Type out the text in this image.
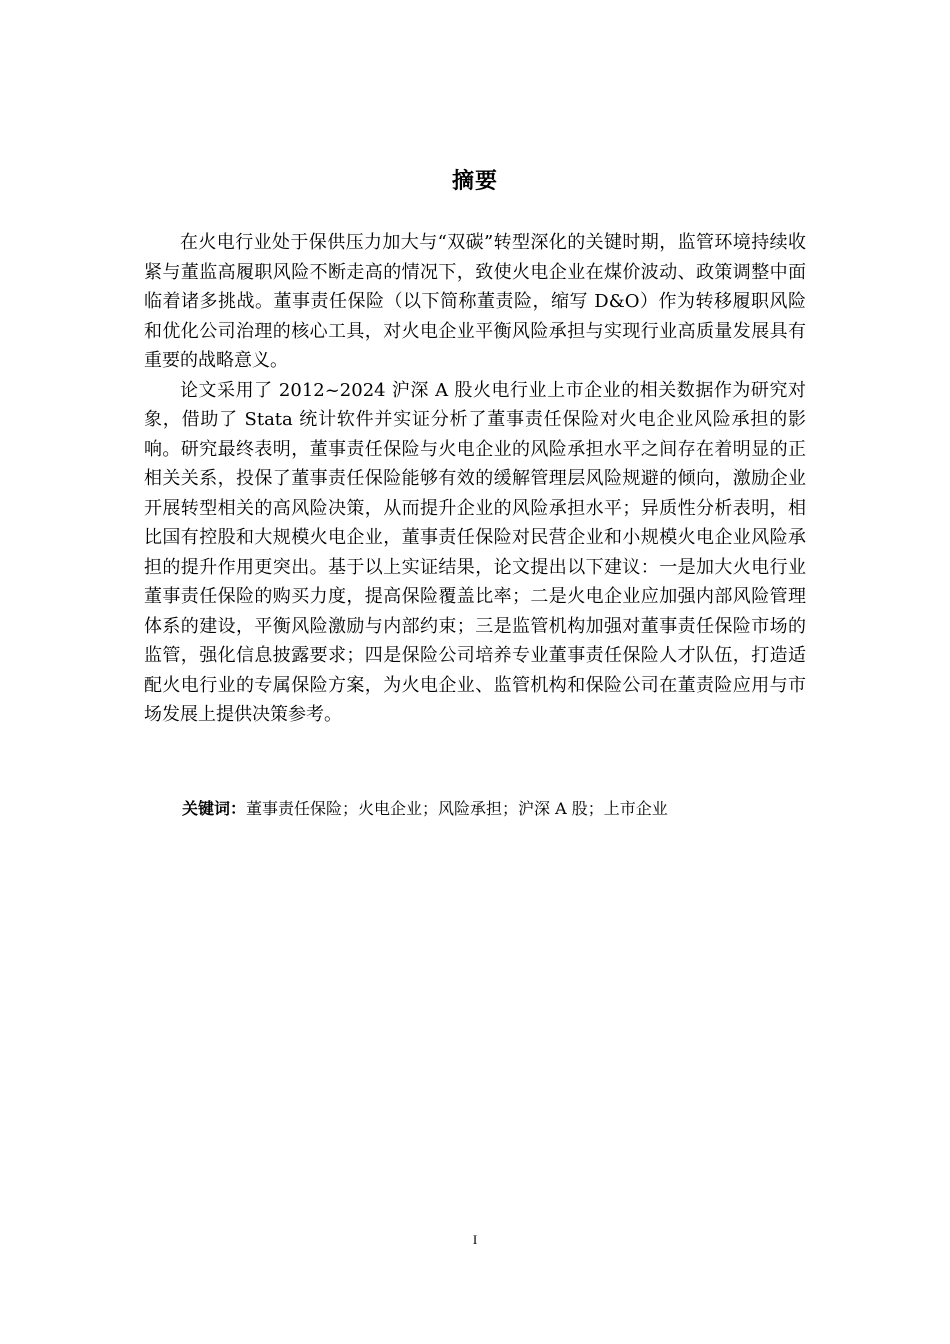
摘要

在火电行业处于保供压力加大与“双碳”转型深化的关键时期，监管环境持续收紧与董监高履职风险不断走高的情况下，致使火电企业在煤价波动、政策调整中面临着诸多挑战。董事责任保险（以下简称董责险，缩写 D&O）作为转移履职风险和优化公司治理的核心工具，对火电企业平衡风险承担与实现行业高质量发展具有重要的战略意义。

论文采用了 2012~2024 沪深 A 股火电行业上市企业的相关数据作为研究对象，借助了 Stata 统计软件并实证分析了董事责任保险对火电企业风险承担的影响。研究最终表明，董事责任保险与火电企业的风险承担水平之间存在着明显的正相关关系，投保了董事责任保险能够有效的缓解管理层风险规避的倾向，激励企业开展转型相关的高风险决策，从而提升企业的风险承担水平；异质性分析表明，相比国有控股和大规模火电企业，董事责任保险对民营企业和小规模火电企业风险承担的提升作用更突出。基于以上实证结果，论文提出以下建议：一是加大火电行业董事责任保险的购买力度，提高保险覆盖比率；二是火电企业应加强内部风险管理体系的建设，平衡风险激励与内部约束；三是监管机构加强对董事责任保险市场的监管，强化信息披露要求；四是保险公司培养专业董事责任保险人才队伍，打造适配火电行业的专属保险方案，为火电企业、监管机构和保险公司在董责险应用与市场发展上提供决策参考。

关键词：董事责任保险；火电企业；风险承担；沪深 A 股；上市企业
I
